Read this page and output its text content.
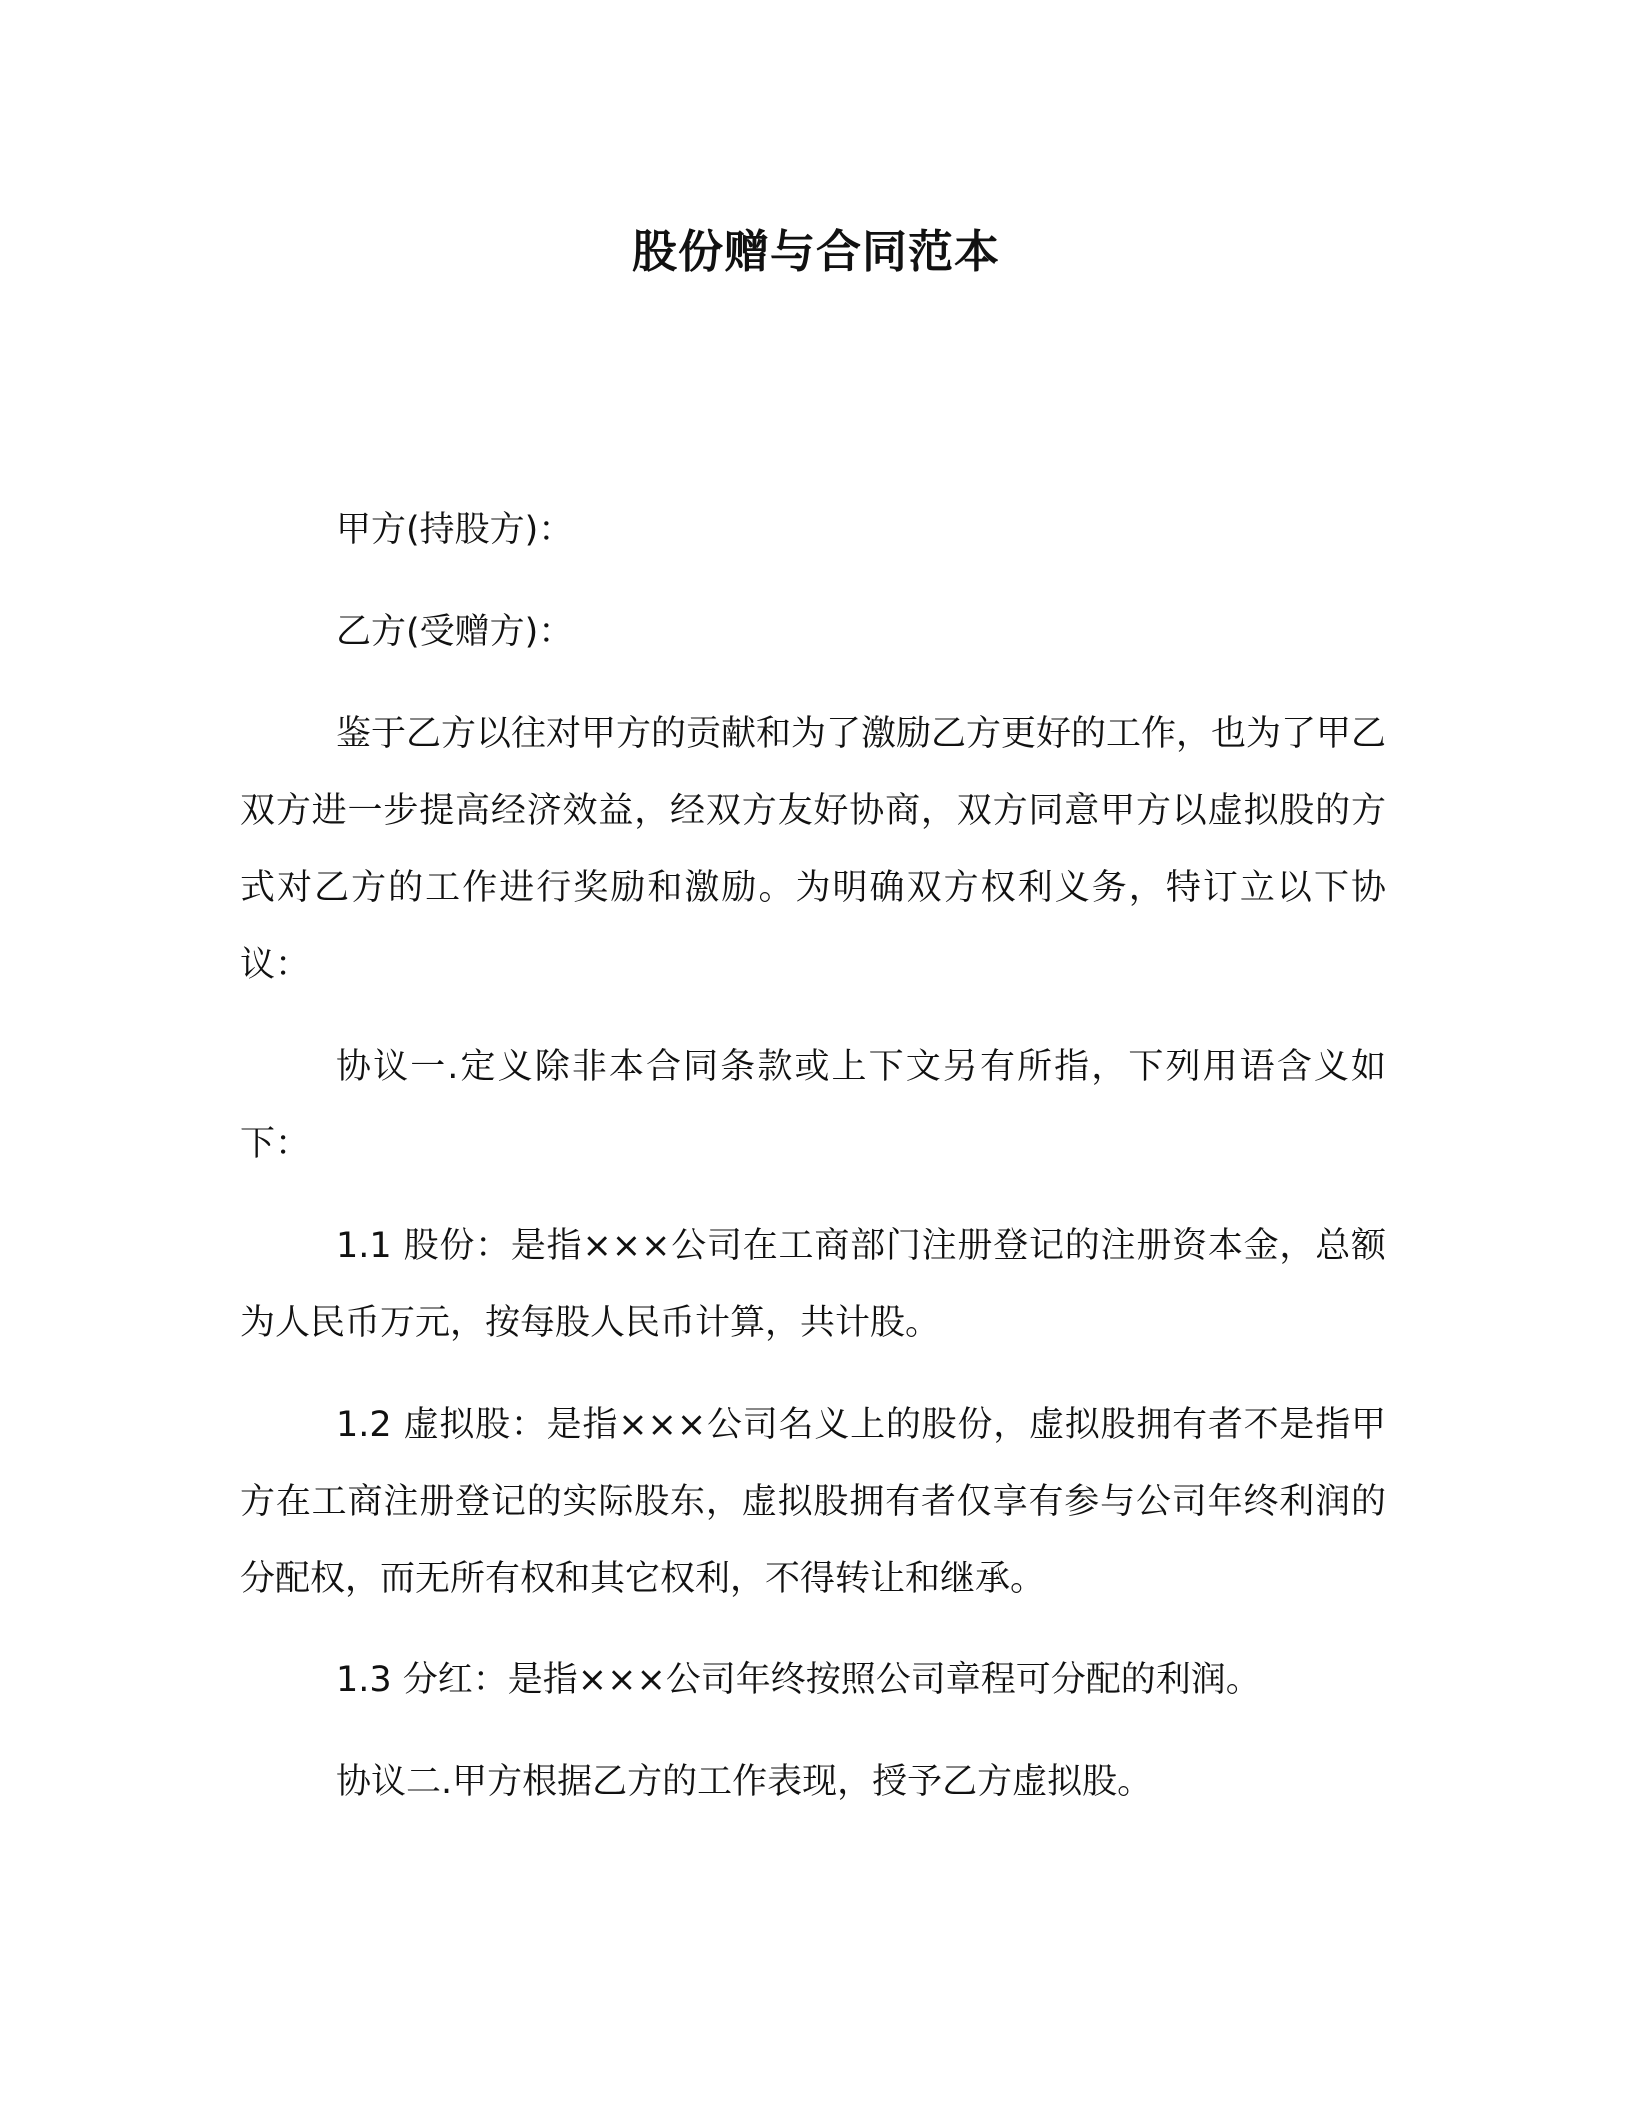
股份赠与合同范本

甲方(持股方)：

乙方(受赠方)：

鉴于乙方以往对甲方的贡献和为了激励乙方更好的工作，也为了甲乙双方进一步提高经济效益，经双方友好协商，双方同意甲方以虚拟股的方式对乙方的工作进行奖励和激励。为明确双方权利义务，特订立以下协议：

协议一.定义除非本合同条款或上下文另有所指，下列用语含义如下：

1.1 股份：是指×××公司在工商部门注册登记的注册资本金，总额为人民币万元，按每股人民币计算，共计股。

1.2 虚拟股：是指×××公司名义上的股份，虚拟股拥有者不是指甲方在工商注册登记的实际股东，虚拟股拥有者仅享有参与公司年终利润的分配权，而无所有权和其它权利，不得转让和继承。

1.3 分红：是指×××公司年终按照公司章程可分配的利润。

协议二.甲方根据乙方的工作表现，授予乙方虚拟股。
